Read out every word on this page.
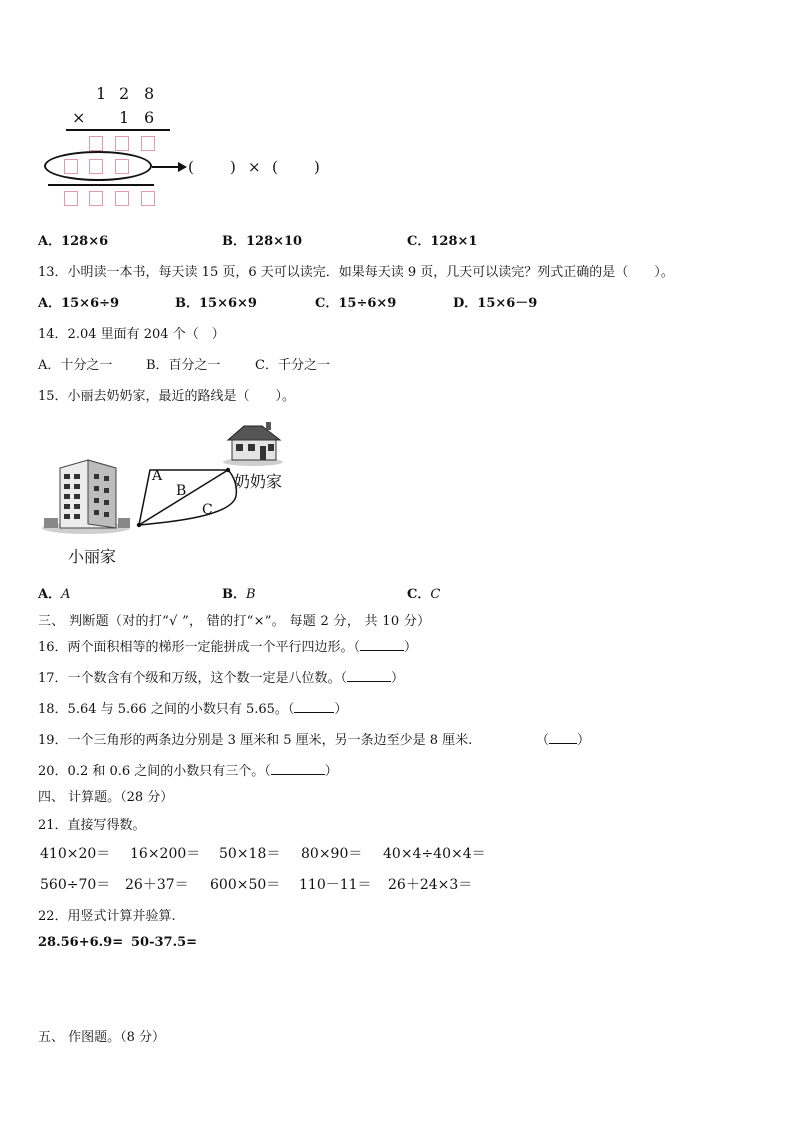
1 2 8
× 1 6
( ) × ( )
A．128×6	B．128×10	C．128×1
13．小明读一本书，每天读 15 页，6 天可以读完．如果每天读 9 页，几天可以读完？列式正确的是（　　）。
A．15×6÷9	B．15×6×9	C．15÷6×9	D．15×6－9
14．2.04 里面有 204 个（　）
A．十分之一	B．百分之一	C．千分之一
15．小丽去奶奶家，最近的路线是（　　）。
A
B
C
奶奶家
小丽家
A．A	B．B	C．C
三、 判断题（对的打“√ ”， 错的打“×”。 每题 2 分， 共 10 分）
16．两个面积相等的梯形一定能拼成一个平行四边形。（	）
17．一个数含有个级和万级，这个数一定是八位数。（	）
18．5.64 与 5.66 之间的小数只有 5.65。（	）
19．一个三角形的两条边分别是 3 厘米和 5 厘米，另一条边至少是 8 厘米.	（ ）
20．0.2 和 0.6 之间的小数只有三个。（	）
四、 计算题。（28 分）
21．直接写得数。
410×20＝ 16×200＝ 50×18＝ 80×90＝ 40×4÷40×4＝
560÷70＝ 26＋37＝ 600×50＝ 110－11＝ 26＋24×3＝
22．用竖式计算并验算.
28.56+6.9= 50-37.5=
五、 作图题。（8 分）
